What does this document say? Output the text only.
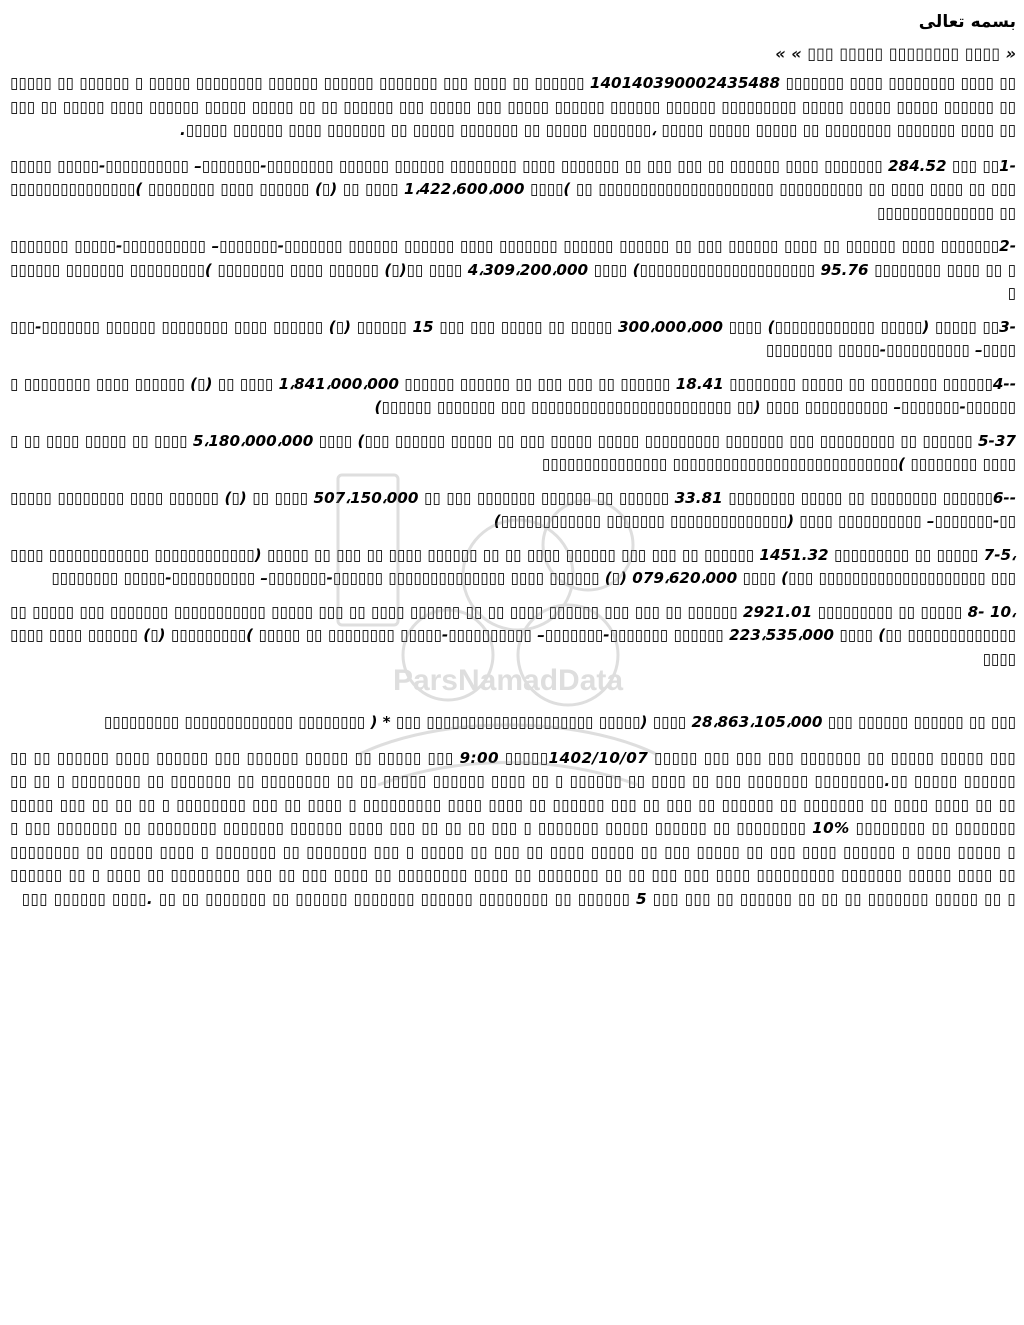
بسمه تعالی
« ▯▯▯▯ ▯▯▯▯▯▯▯▯ ▯▯▯▯▯ ▯▯▯ » »
▯▯ ▯▯▯▯ ▯▯▯▯▯▯▯▯ ▯▯▯▯ ▯▯▯▯▯▯▯ 140140390002435488 ▯▯▯▯▯▯ ▯▯ ▯▯▯▯ ▯▯▯ ▯▯▯▯▯▯▯ ▯▯▯▯▯▯ ▯▯▯▯▯▯ ▯▯▯▯▯▯▯▯ ▯▯▯▯▯ ▯ ▯▯▯▯▯▯ ▯▯ ▯▯▯▯▯▯▯ ▯▯▯▯▯▯ ▯▯▯▯▯ ▯▯▯▯▯ ▯▯▯▯▯ ▯▯▯▯▯▯▯▯▯ ▯▯▯▯▯▯ ▯▯▯▯▯▯ ▯▯▯▯▯▯ ▯▯▯▯▯ ▯▯▯ ▯▯▯▯▯ ▯▯▯ ▯▯▯▯▯▯ ▯▯ ▯▯ ▯▯▯▯▯ ▯▯▯▯▯ ▯▯▯▯▯▯ ▯▯▯▯ ▯▯▯▯▯ ▯▯ ▯▯▯▯▯ ▯▯▯▯ ▯▯▯▯▯▯▯ ▯▯▯▯▯▯▯▯ ▯▯ ▯▯▯▯▯ ▯▯▯▯▯ ▯▯▯▯▯ ،▯▯▯▯▯▯▯ ▯▯▯▯▯ ▯▯ ▯▯▯▯▯▯▯ ▯▯▯▯▯ ▯▯ ▯▯▯▯▯▯▯ ▯▯▯▯ ▯▯▯▯▯▯ ▯▯▯▯▯.
-1▯▯ ▯▯▯ 284.52 ▯▯▯▯▯▯▯ ▯▯▯▯ ▯▯▯▯▯▯ ▯▯ ▯▯▯ ▯▯▯ ▯▯ ▯▯▯▯▯▯▯ ▯▯▯▯ ▯▯▯▯▯▯▯▯ ▯▯▯▯▯▯ ▯▯▯▯▯▯ ▯▯▯▯▯▯▯▯-▯▯▯▯▯▯▯– ▯▯▯▯▯▯▯▯▯▯-▯▯▯▯▯ ▯▯▯▯▯▯▯▯ ▯▯ ▯▯▯▯ ▯▯▯▯ ▯▯ ▯▯▯▯▯▯▯▯▯▯ ▯▯▯▯▯▯▯▯▯▯▯▯▯▯▯▯▯▯▯▯▯ ▯▯ )▯▯▯▯ 1،422،600،000 ▯▯▯▯ ▯▯ (▯) ▯▯▯▯▯▯ ▯▯▯▯ ▯▯▯▯▯▯▯▯ )▯▯▯▯▯▯▯▯▯▯▯▯▯▯▯▯▯ ▯▯▯▯▯▯▯▯▯▯▯▯▯▯
-2▯▯▯▯▯▯▯ ▯▯▯▯ ▯▯▯▯▯▯ ▯▯ ▯▯▯▯ ▯▯▯▯▯▯ ▯▯▯ ▯▯ ▯▯▯▯▯▯ ▯▯▯▯▯▯ ▯▯▯▯▯▯▯ ▯▯▯▯ ▯▯▯▯▯▯ ▯▯▯▯▯▯ ▯▯▯▯▯▯▯-▯▯▯▯▯▯▯– ▯▯▯▯▯▯▯▯▯▯-▯▯▯▯▯ ▯▯▯▯▯▯▯▯ ▯▯ ▯▯▯▯ ▯▯▯▯▯▯▯▯ 95.76 ▯▯▯▯▯▯▯▯▯▯▯▯▯▯▯▯▯▯▯▯▯) ▯▯▯▯ 4،309،200،000 ▯▯▯▯ ▯▯(▯) ▯▯▯▯▯▯ ▯▯▯▯ ▯▯▯▯▯▯▯▯ )▯▯▯▯▯▯▯▯▯ ▯▯▯▯▯▯▯ ▯▯▯▯▯▯▯
-3▯▯ ▯▯▯▯▯ (▯▯▯▯▯ ▯▯▯▯▯▯▯▯▯▯▯▯) ▯▯▯▯ 300،000،000 ▯▯▯▯▯ ▯▯ ▯▯▯▯▯ ▯▯▯ ▯▯▯ 15 ▯▯▯▯▯▯ (▯) ▯▯▯▯▯▯ ▯▯▯▯ ▯▯▯▯▯▯▯▯ ▯▯▯▯▯▯ ▯▯▯▯▯▯▯-▯▯▯▯▯▯▯– ▯▯▯▯▯▯▯▯▯▯-▯▯▯▯▯ ▯▯▯▯▯▯▯▯
--4▯▯▯▯▯▯ ▯▯▯▯▯▯▯▯ ▯▯ ▯▯▯▯▯ ▯▯▯▯▯▯▯▯ 18.41 ▯▯▯▯▯▯ ▯▯ ▯▯▯ ▯▯▯ ▯▯ ▯▯▯▯▯▯ ▯▯▯▯▯▯ 1،841،000،000 ▯▯▯▯ ▯▯ (▯) ▯▯▯▯▯▯ ▯▯▯▯ ▯▯▯▯▯▯▯▯ ▯▯▯▯▯▯▯-▯▯▯▯▯▯▯– ▯▯▯▯▯▯▯▯▯▯ ▯▯▯▯ (▯▯ ▯▯▯▯▯▯▯▯▯▯▯▯▯▯▯▯▯▯▯▯▯▯▯▯ ▯▯▯ ▯▯▯▯▯▯▯ ▯▯▯▯▯▯)
5-37 ▯▯▯▯▯▯ ▯▯ ▯▯▯▯▯▯▯▯▯ ▯▯▯ ▯▯▯▯▯▯▯ ▯▯▯▯▯▯▯▯▯ ▯▯▯▯▯ ▯▯▯▯▯ ▯▯▯ ▯▯ ▯▯▯▯▯ ▯▯▯▯▯▯ ▯▯▯) ▯▯▯▯ 5،180،000،000 ▯▯▯▯ ▯▯ ▯▯▯▯▯ ▯▯▯▯ ▯▯ ▯▯▯▯▯ ▯▯▯▯▯▯▯▯ )▯▯▯▯▯▯▯▯▯▯▯▯▯▯▯▯▯▯▯▯▯▯▯▯▯▯▯ ▯▯▯▯▯▯▯▯▯▯▯▯▯▯▯
--6▯▯▯▯▯▯ ▯▯▯▯▯▯▯▯ ▯▯ ▯▯▯▯▯ ▯▯▯▯▯▯▯▯ 33.81 ▯▯▯▯▯▯ ▯▯ ▯▯▯▯▯▯ ▯▯▯▯▯▯▯ ▯▯▯ ▯▯ 507،150،000 ▯▯▯▯ ▯▯ (▯) ▯▯▯▯▯▯ ▯▯▯▯ ▯▯▯▯▯▯▯▯ ▯▯▯▯▯▯▯-▯▯▯▯▯▯▯– ▯▯▯▯▯▯▯▯▯▯ ▯▯▯▯ (▯▯▯▯▯▯▯▯▯▯▯▯▯▯ ▯▯▯▯▯▯▯ ▯▯▯▯▯▯▯▯▯▯▯▯)
،7-5 ▯▯▯▯▯ ▯▯ ▯▯▯▯▯▯▯▯▯ 1451.32 ▯▯▯▯▯▯ ▯▯ ▯▯▯ ▯▯▯ ▯▯▯▯▯▯ ▯▯▯▯ ▯▯ ▯▯ ▯▯▯▯▯▯ ▯▯▯▯ ▯▯ ▯▯▯ ▯▯ ▯▯▯▯▯ (▯▯▯▯▯▯▯▯▯▯▯▯ ▯▯▯▯▯▯▯▯▯▯▯▯ ▯▯▯▯▯▯▯ ▯▯▯▯▯▯▯▯▯▯▯▯▯▯▯▯▯▯▯▯ ▯▯▯) ▯▯▯▯ 079،620،000 (▯) ▯▯▯▯▯▯ ▯▯▯▯ ▯▯▯▯▯▯▯▯▯▯▯▯▯▯ ▯▯▯▯▯▯-▯▯▯▯▯▯▯– ▯▯▯▯▯▯▯▯▯▯-▯▯▯▯▯ ▯▯▯▯▯▯▯▯
،10 -8 ▯▯▯▯▯ ▯▯ ▯▯▯▯▯▯▯▯▯ 2921.01 ▯▯▯▯▯▯ ▯▯ ▯▯▯ ▯▯▯ ▯▯▯▯▯▯ ▯▯▯▯ ▯▯ ▯▯ ▯▯▯▯▯▯ ▯▯▯▯ ▯▯ ▯▯▯ ▯▯▯▯▯ ▯▯▯▯▯▯▯▯▯▯▯ ▯▯▯▯▯▯▯ ▯▯▯ ▯▯▯▯▯ ▯▯▯▯▯▯▯▯▯▯▯▯▯▯▯ ▯▯) ▯▯▯▯ 223،535،000 ▯▯▯▯▯▯ ▯▯▯▯▯▯▯-▯▯▯▯▯▯▯– ▯▯▯▯▯▯▯▯▯▯-▯▯▯▯▯ ▯▯▯▯▯▯▯▯ ▯▯ ▯▯▯▯▯ )▯▯▯▯▯▯▯▯▯ (▯) ▯▯▯▯▯▯ ▯▯▯▯ ▯▯▯▯▯▯▯▯
▯▯▯ ▯▯ ▯▯▯▯▯▯ ▯▯▯▯▯▯ ▯▯▯ 28،863،105،000 ▯▯▯▯ (▯▯▯▯▯ ▯▯▯▯▯▯▯▯▯▯▯▯▯▯▯▯▯▯▯▯ ▯▯▯ * ( ▯▯▯▯▯▯▯▯ ▯▯▯▯▯▯▯▯▯▯▯▯▯ ▯▯▯▯▯▯▯▯▯
▯▯▯ ▯▯▯▯▯ ▯▯▯▯▯ ▯▯ ▯▯▯▯▯▯▯ ▯▯▯ ▯▯▯ ▯▯▯ ▯▯▯▯▯ 1402/10/07▯▯▯▯▯ 9:00 ▯▯▯ ▯▯▯▯▯ ▯▯ ▯▯▯▯▯ ▯▯▯▯▯▯ ▯▯▯ ▯▯▯▯▯▯ ▯▯▯▯ ▯▯▯▯▯▯ ▯▯ ▯▯▯▯▯▯▯▯ ▯▯▯▯▯ ▯▯.▯▯▯▯▯▯▯▯ ▯▯▯▯▯▯▯ ▯▯▯ ▯▯ ▯▯▯▯ ▯▯ ▯▯▯▯▯▯ ▯ ▯▯ ▯▯▯▯ ▯▯▯▯▯▯ ▯▯▯▯▯ ▯▯ ▯▯ ▯▯▯▯▯▯▯▯ ▯▯ ▯▯▯▯▯▯▯ ▯▯ ▯▯▯▯▯▯▯▯ ▯ ▯▯ ▯▯▯▯ ▯▯ ▯▯▯▯ ▯▯▯▯ ▯▯ ▯▯▯▯▯▯▯ ▯▯ ▯▯▯▯▯▯ ▯▯ ▯▯▯ ▯▯ ▯▯▯ ▯▯▯▯▯▯ ▯▯ ▯▯▯▯ ▯▯▯▯ ▯▯▯▯▯▯▯▯▯ ▯ ▯▯▯▯ ▯▯ ▯▯▯ ▯▯▯▯▯▯▯▯ ▯ ▯▯ ▯▯ ▯▯ ▯▯▯ ▯▯▯▯▯ ▯▯▯▯▯▯▯ ▯▯ ▯▯▯▯▯▯▯▯ 10% ▯▯▯▯▯▯▯▯ ▯▯ ▯▯▯▯▯▯ ▯▯▯▯▯ ▯▯▯▯▯▯▯ ▯ ▯▯▯ ▯▯ ▯▯ ▯▯ ▯▯▯ ▯▯▯▯ ▯▯▯▯▯▯ ▯▯▯▯▯▯▯ ▯▯▯▯▯▯▯▯ ▯▯ ▯▯▯▯▯▯▯ ▯▯▯ ▯▯ ▯▯▯▯▯ ▯▯▯▯ ▯ ▯▯▯▯▯▯ ▯▯▯▯ ▯▯▯ ▯▯ ▯▯▯▯▯ ▯▯▯ ▯▯ ▯▯▯▯▯ ▯▯▯▯ ▯▯ ▯▯▯ ▯▯ ▯▯▯▯▯ ▯ ▯▯▯ ▯▯▯▯▯▯▯ ▯▯ ▯▯▯▯▯▯▯ ▯ ▯▯▯▯ ▯▯▯▯▯ ▯▯ ▯▯▯▯▯▯▯▯ ▯▯ ▯▯▯▯ ▯▯▯▯▯ ▯▯▯▯▯▯▯ ▯▯▯▯▯▯▯▯▯ ▯▯▯▯ ▯▯▯ ▯▯▯ ▯▯ ▯▯ ▯▯▯▯▯▯▯ ▯▯ ▯▯▯▯ ▯▯▯▯▯▯▯▯ ▯▯ ▯▯▯▯ ▯▯▯ ▯▯ ▯▯▯ ▯▯▯▯▯▯▯▯ ▯▯ ▯▯▯▯ ▯ ▯▯ ▯▯▯▯▯▯▯ ▯▯ ▯▯▯▯▯ ▯▯▯▯▯▯▯ ▯▯ ▯▯ ▯▯ ▯▯▯▯▯▯ ▯▯ ▯▯▯ ▯▯▯ 5 ▯▯▯▯▯▯ ▯▯ ▯▯▯▯▯▯▯▯ ▯▯▯▯▯▯ ▯▯▯▯▯▯▯ ▯▯▯▯▯▯ ▯▯ ▯▯▯▯▯▯▯ ▯▯ ▯▯ .▯▯▯▯ ▯▯▯▯▯▯ ▯▯▯
ParsNamadData
